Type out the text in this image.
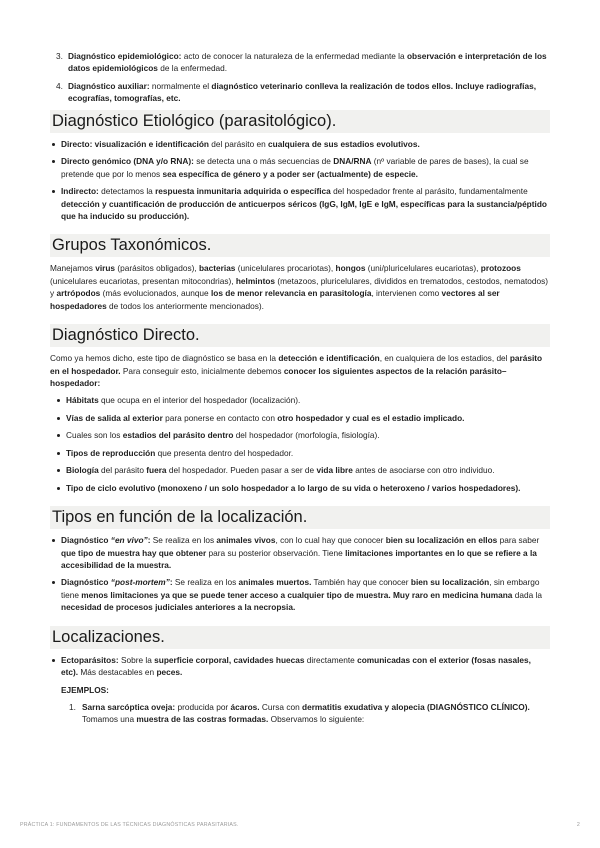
3. Diagnóstico epidemiológico: acto de conocer la naturaleza de la enfermedad mediante la observación e interpretación de los datos epidemiológicos de la enfermedad.
4. Diagnóstico auxiliar: normalmente el diagnóstico veterinario conlleva la realización de todos ellos. Incluye radiografías, ecografías, tomografías, etc.
Diagnóstico Etiológico (parasitológico).
Directo: visualización e identificación del parásito en cualquiera de sus estadios evolutivos.
Directo genómico (DNA y/o RNA): se detecta una o más secuencias de DNA/RNA (nº variable de pares de bases), la cual se pretende que por lo menos sea específica de género y a poder ser (actualmente) de especie.
Indirecto: detectamos la respuesta inmunitaria adquirida o específica del hospedador frente al parásito, fundamentalmente detección y cuantificación de producción de anticuerpos séricos (IgG, IgM, IgE e IgM, específicas para la sustancia/péptido que ha inducido su producción).
Grupos Taxonómicos.

Manejamos virus (parásitos obligados), bacterias (unicelulares procariotas), hongos (uni/pluricelulares eucariotas), protozoos (unicelulares eucariotas, presentan mitocondrias), helmintos (metazoos, pluricelulares, divididos en trematodos, cestodos, nematodos) y artrópodos (más evolucionados, aunque los de menor relevancia en parasitología, intervienen como vectores al ser hospedadores de todos los anteriormente mencionados).

Diagnóstico Directo.

Como ya hemos dicho, este tipo de diagnóstico se basa en la detección e identificación, en cualquiera de los estadios, del parásito en el hospedador. Para conseguir esto, inicialmente debemos conocer los siguientes aspectos de la relación parásito–hospedador:

Hábitats que ocupa en el interior del hospedador (localización).
Vías de salida al exterior para ponerse en contacto con otro hospedador y cual es el estadio implicado.
Cuales son los estadios del parásito dentro del hospedador (morfología, fisiología).
Tipos de reproducción que presenta dentro del hospedador.
Biología del parásito fuera del hospedador. Pueden pasar a ser de vida libre antes de asociarse con otro individuo.
Tipo de ciclo evolutivo (monoxeno / un solo hospedador a lo largo de su vida o heteroxeno / varios hospedadores).
Tipos en función de la localización.
Diagnóstico “en vivo”: Se realiza en los animales vivos, con lo cual hay que conocer bien su localización en ellos para saber que tipo de muestra hay que obtener para su posterior observación. Tiene limitaciones importantes en lo que se refiere a la accesibilidad de la muestra.
Diagnóstico “post-mortem”: Se realiza en los animales muertos. También hay que conocer bien su localización, sin embargo tiene menos limitaciones ya que se puede tener acceso a cualquier tipo de muestra. Muy raro en medicina humana dada la necesidad de procesos judiciales anteriores a la necropsia.
Localizaciones.
Ectoparásitos: Sobre la superficie corporal, cavidades huecas directamente comunicadas con el exterior (fosas nasales, etc). Más destacables en peces.
EJEMPLOS:
1. Sarna sarcóptica oveja: producida por ácaros. Cursa con dermatitis exudativa y alopecia (DIAGNÓSTICO CLÍNICO). Tomamos una muestra de las costras formadas. Observamos lo siguiente:
PRÁCTICA 1: FUNDAMENTOS DE LAS TÉCNICAS DIAGNÓSTICAS PARASITARIAS.	2
